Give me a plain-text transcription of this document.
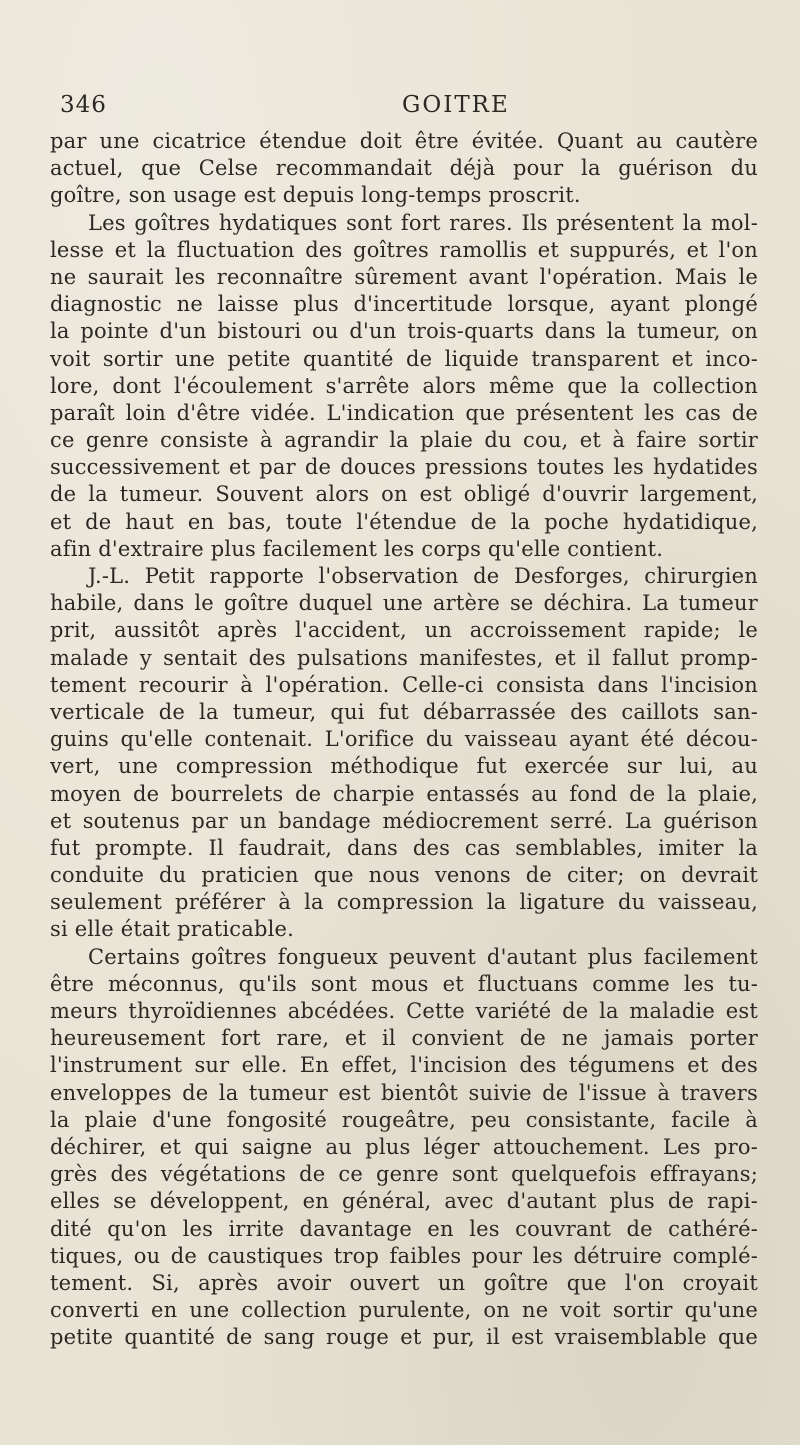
346	GOITRE
par une cicatrice étendue doit être évitée. Quant au cautère
actuel, que Celse recommandait déjà pour la guérison du
goître, son usage est depuis long-temps proscrit.
Les goîtres hydatiques sont fort rares. Ils présentent la mol-
lesse et la fluctuation des goîtres ramollis et suppurés, et l'on
ne saurait les reconnaître sûrement avant l'opération. Mais le
diagnostic ne laisse plus d'incertitude lorsque, ayant plongé
la pointe d'un bistouri ou d'un trois-quarts dans la tumeur, on
voit sortir une petite quantité de liquide transparent et inco-
lore, dont l'écoulement s'arrête alors même que la collection
paraît loin d'être vidée. L'indication que présentent les cas de
ce genre consiste à agrandir la plaie du cou, et à faire sortir
successivement et par de douces pressions toutes les hydatides
de la tumeur. Souvent alors on est obligé d'ouvrir largement,
et de haut en bas, toute l'étendue de la poche hydatidique,
afin d'extraire plus facilement les corps qu'elle contient.
J.-L. Petit rapporte l'observation de Desforges, chirurgien
habile, dans le goître duquel une artère se déchira. La tumeur
prit, aussitôt après l'accident, un accroissement rapide; le
malade y sentait des pulsations manifestes, et il fallut promp-
tement recourir à l'opération. Celle-ci consista dans l'incision
verticale de la tumeur, qui fut débarrassée des caillots san-
guins qu'elle contenait. L'orifice du vaisseau ayant été décou-
vert, une compression méthodique fut exercée sur lui, au
moyen de bourrelets de charpie entassés au fond de la plaie,
et soutenus par un bandage médiocrement serré. La guérison
fut prompte. Il faudrait, dans des cas semblables, imiter la
conduite du praticien que nous venons de citer; on devrait
seulement préférer à la compression la ligature du vaisseau,
si elle était praticable.
Certains goîtres fongueux peuvent d'autant plus facilement
être méconnus, qu'ils sont mous et fluctuans comme les tu-
meurs thyroïdiennes abcédées. Cette variété de la maladie est
heureusement fort rare, et il convient de ne jamais porter
l'instrument sur elle. En effet, l'incision des tégumens et des
enveloppes de la tumeur est bientôt suivie de l'issue à travers
la plaie d'une fongosité rougeâtre, peu consistante, facile à
déchirer, et qui saigne au plus léger attouchement. Les pro-
grès des végétations de ce genre sont quelquefois effrayans;
elles se développent, en général, avec d'autant plus de rapi-
dité qu'on les irrite davantage en les couvrant de cathéré-
tiques, ou de caustiques trop faibles pour les détruire complé-
tement. Si, après avoir ouvert un goître que l'on croyait
converti en une collection purulente, on ne voit sortir qu'une
petite quantité de sang rouge et pur, il est vraisemblable que
